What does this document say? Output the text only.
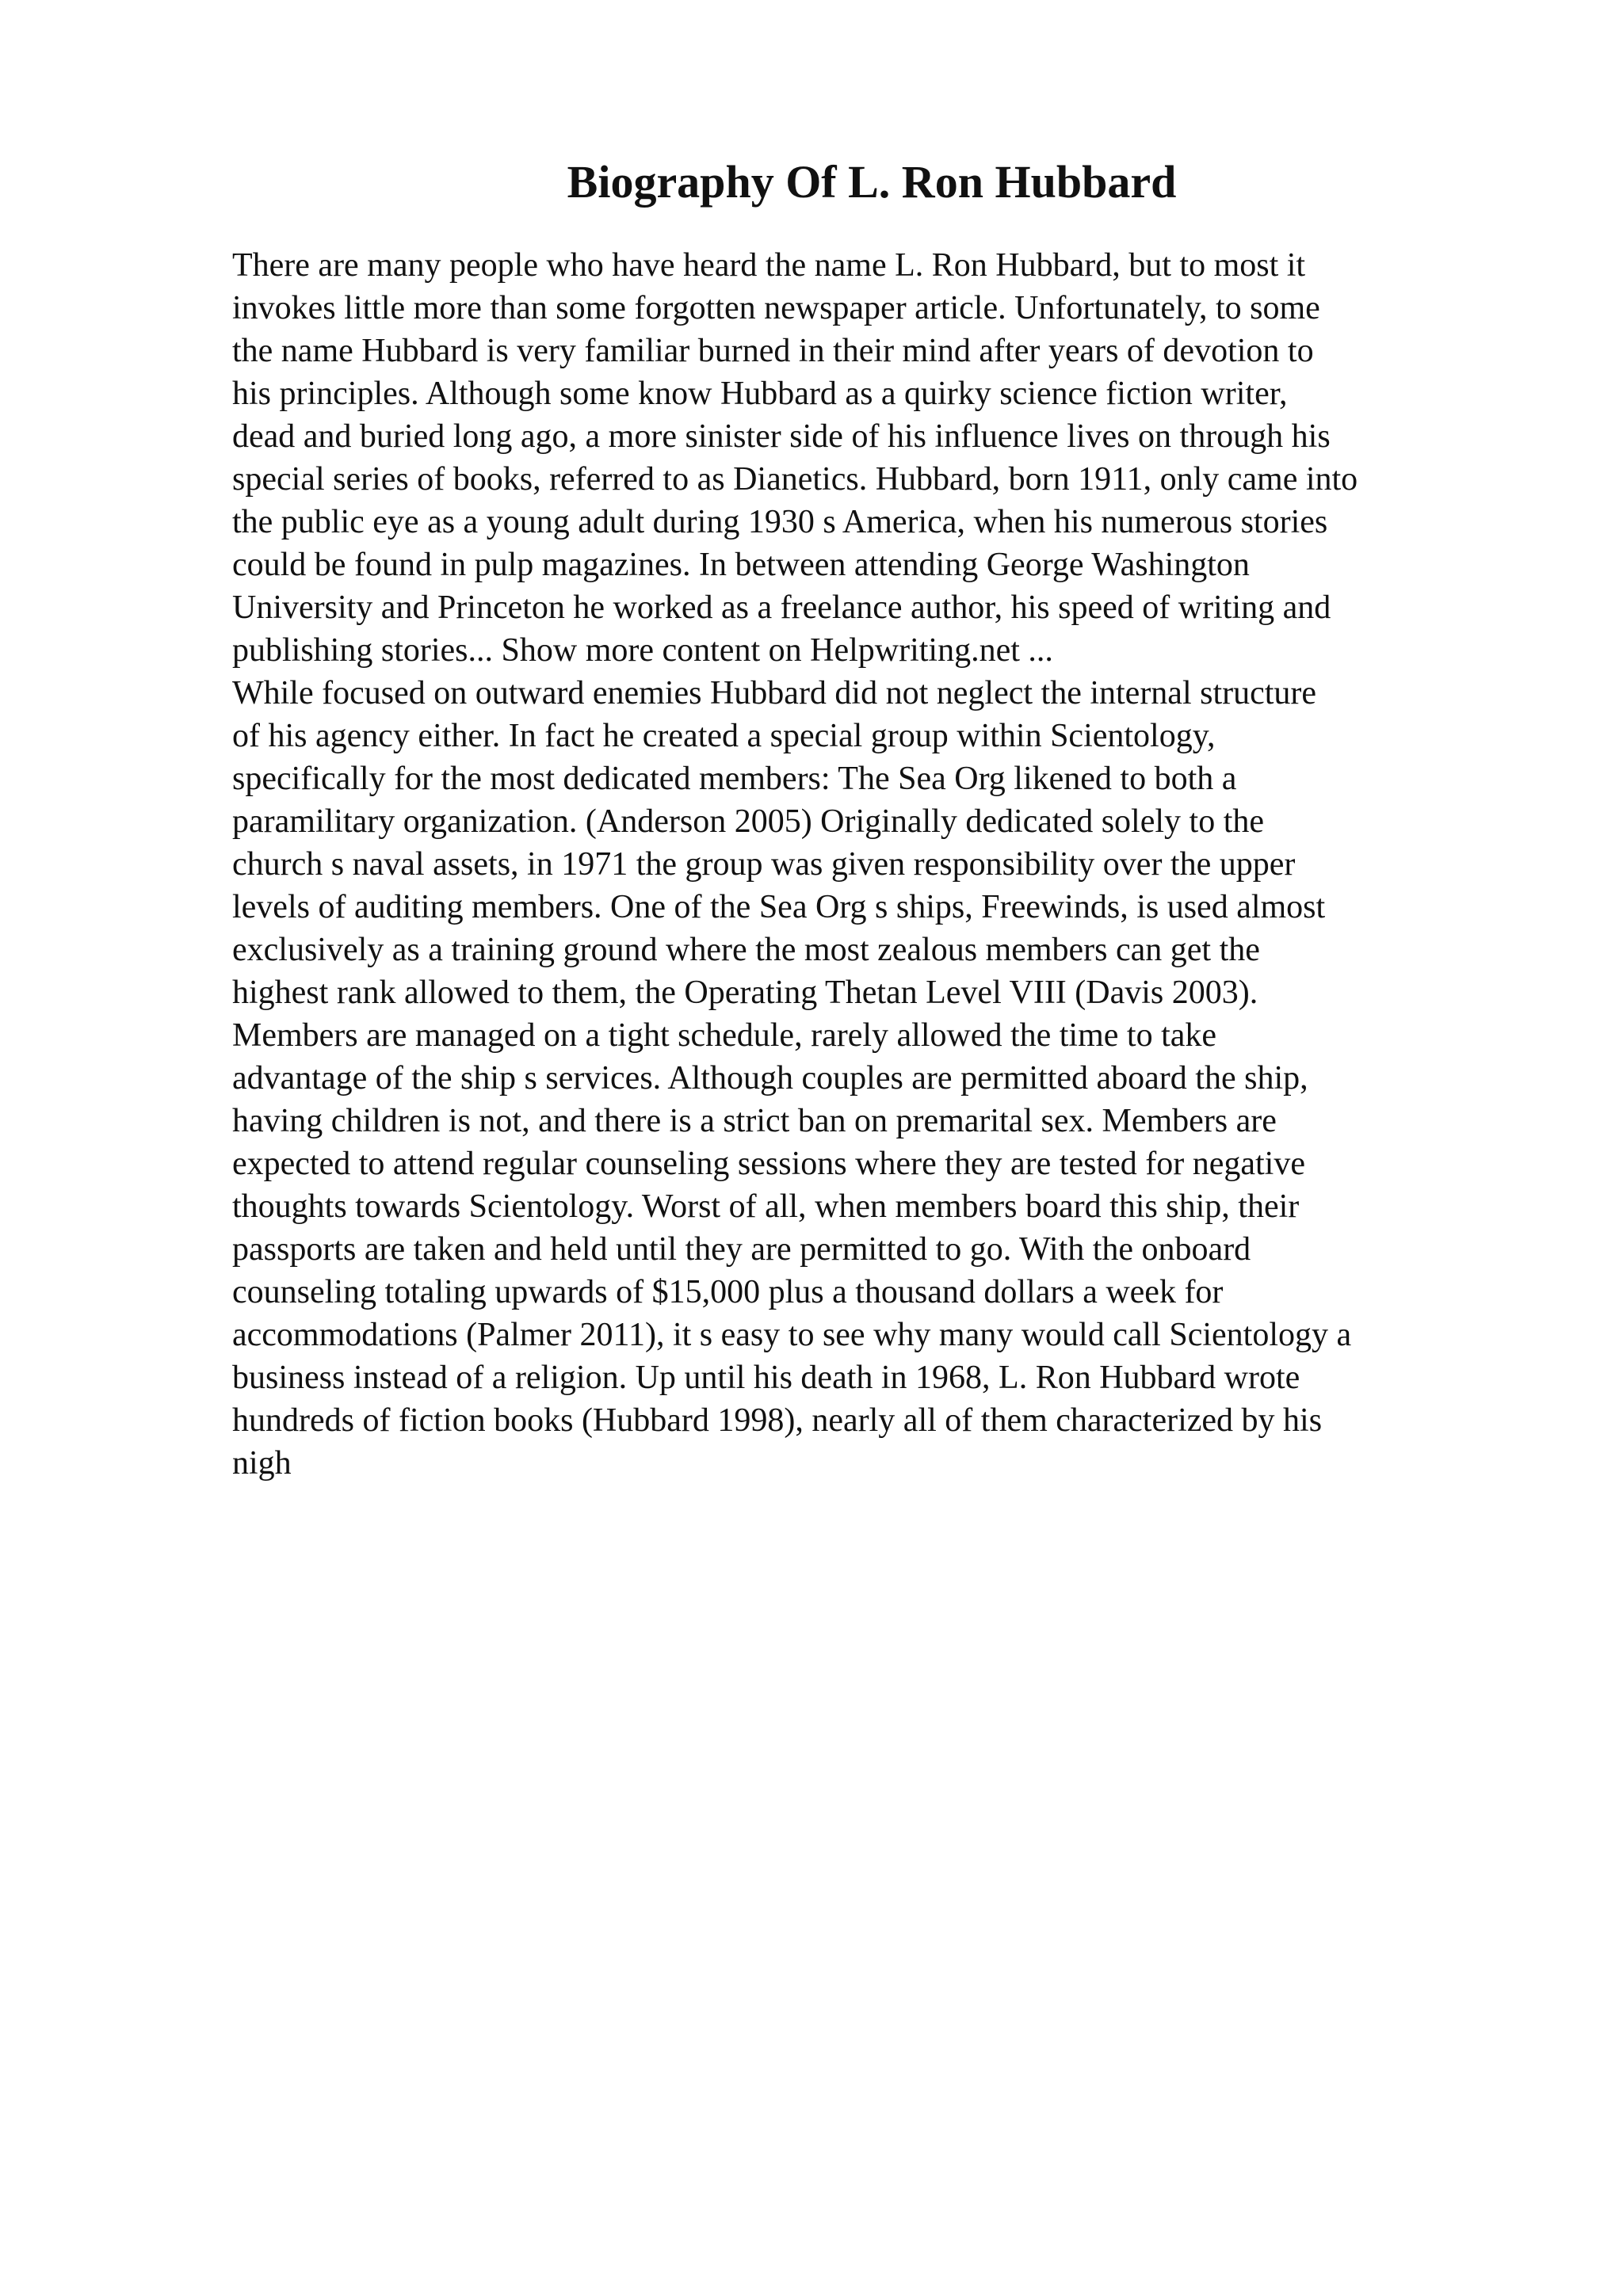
Biography Of L. Ron Hubbard
There are many people who have heard the name L. Ron Hubbard, but to most it
invokes little more than some forgotten newspaper article. Unfortunately, to some
the name Hubbard is very familiar burned in their mind after years of devotion to
his principles. Although some know Hubbard as a quirky science fiction writer,
dead and buried long ago, a more sinister side of his influence lives on through his
special series of books, referred to as Dianetics. Hubbard, born 1911, only came into
the public eye as a young adult during 1930 s America, when his numerous stories
could be found in pulp magazines. In between attending George Washington
University and Princeton he worked as a freelance author, his speed of writing and
publishing stories... Show more content on Helpwriting.net ...
While focused on outward enemies Hubbard did not neglect the internal structure
of his agency either. In fact he created a special group within Scientology,
specifically for the most dedicated members: The Sea Org likened to both a
paramilitary organization. (Anderson 2005) Originally dedicated solely to the
church s naval assets, in 1971 the group was given responsibility over the upper
levels of auditing members. One of the Sea Org s ships, Freewinds, is used almost
exclusively as a training ground where the most zealous members can get the
highest rank allowed to them, the Operating Thetan Level VIII (Davis 2003).
Members are managed on a tight schedule, rarely allowed the time to take
advantage of the ship s services. Although couples are permitted aboard the ship,
having children is not, and there is a strict ban on premarital sex. Members are
expected to attend regular counseling sessions where they are tested for negative
thoughts towards Scientology. Worst of all, when members board this ship, their
passports are taken and held until they are permitted to go. With the onboard
counseling totaling upwards of $15,000 plus a thousand dollars a week for
accommodations (Palmer 2011), it s easy to see why many would call Scientology a
business instead of a religion. Up until his death in 1968, L. Ron Hubbard wrote
hundreds of fiction books (Hubbard 1998), nearly all of them characterized by his
nigh
